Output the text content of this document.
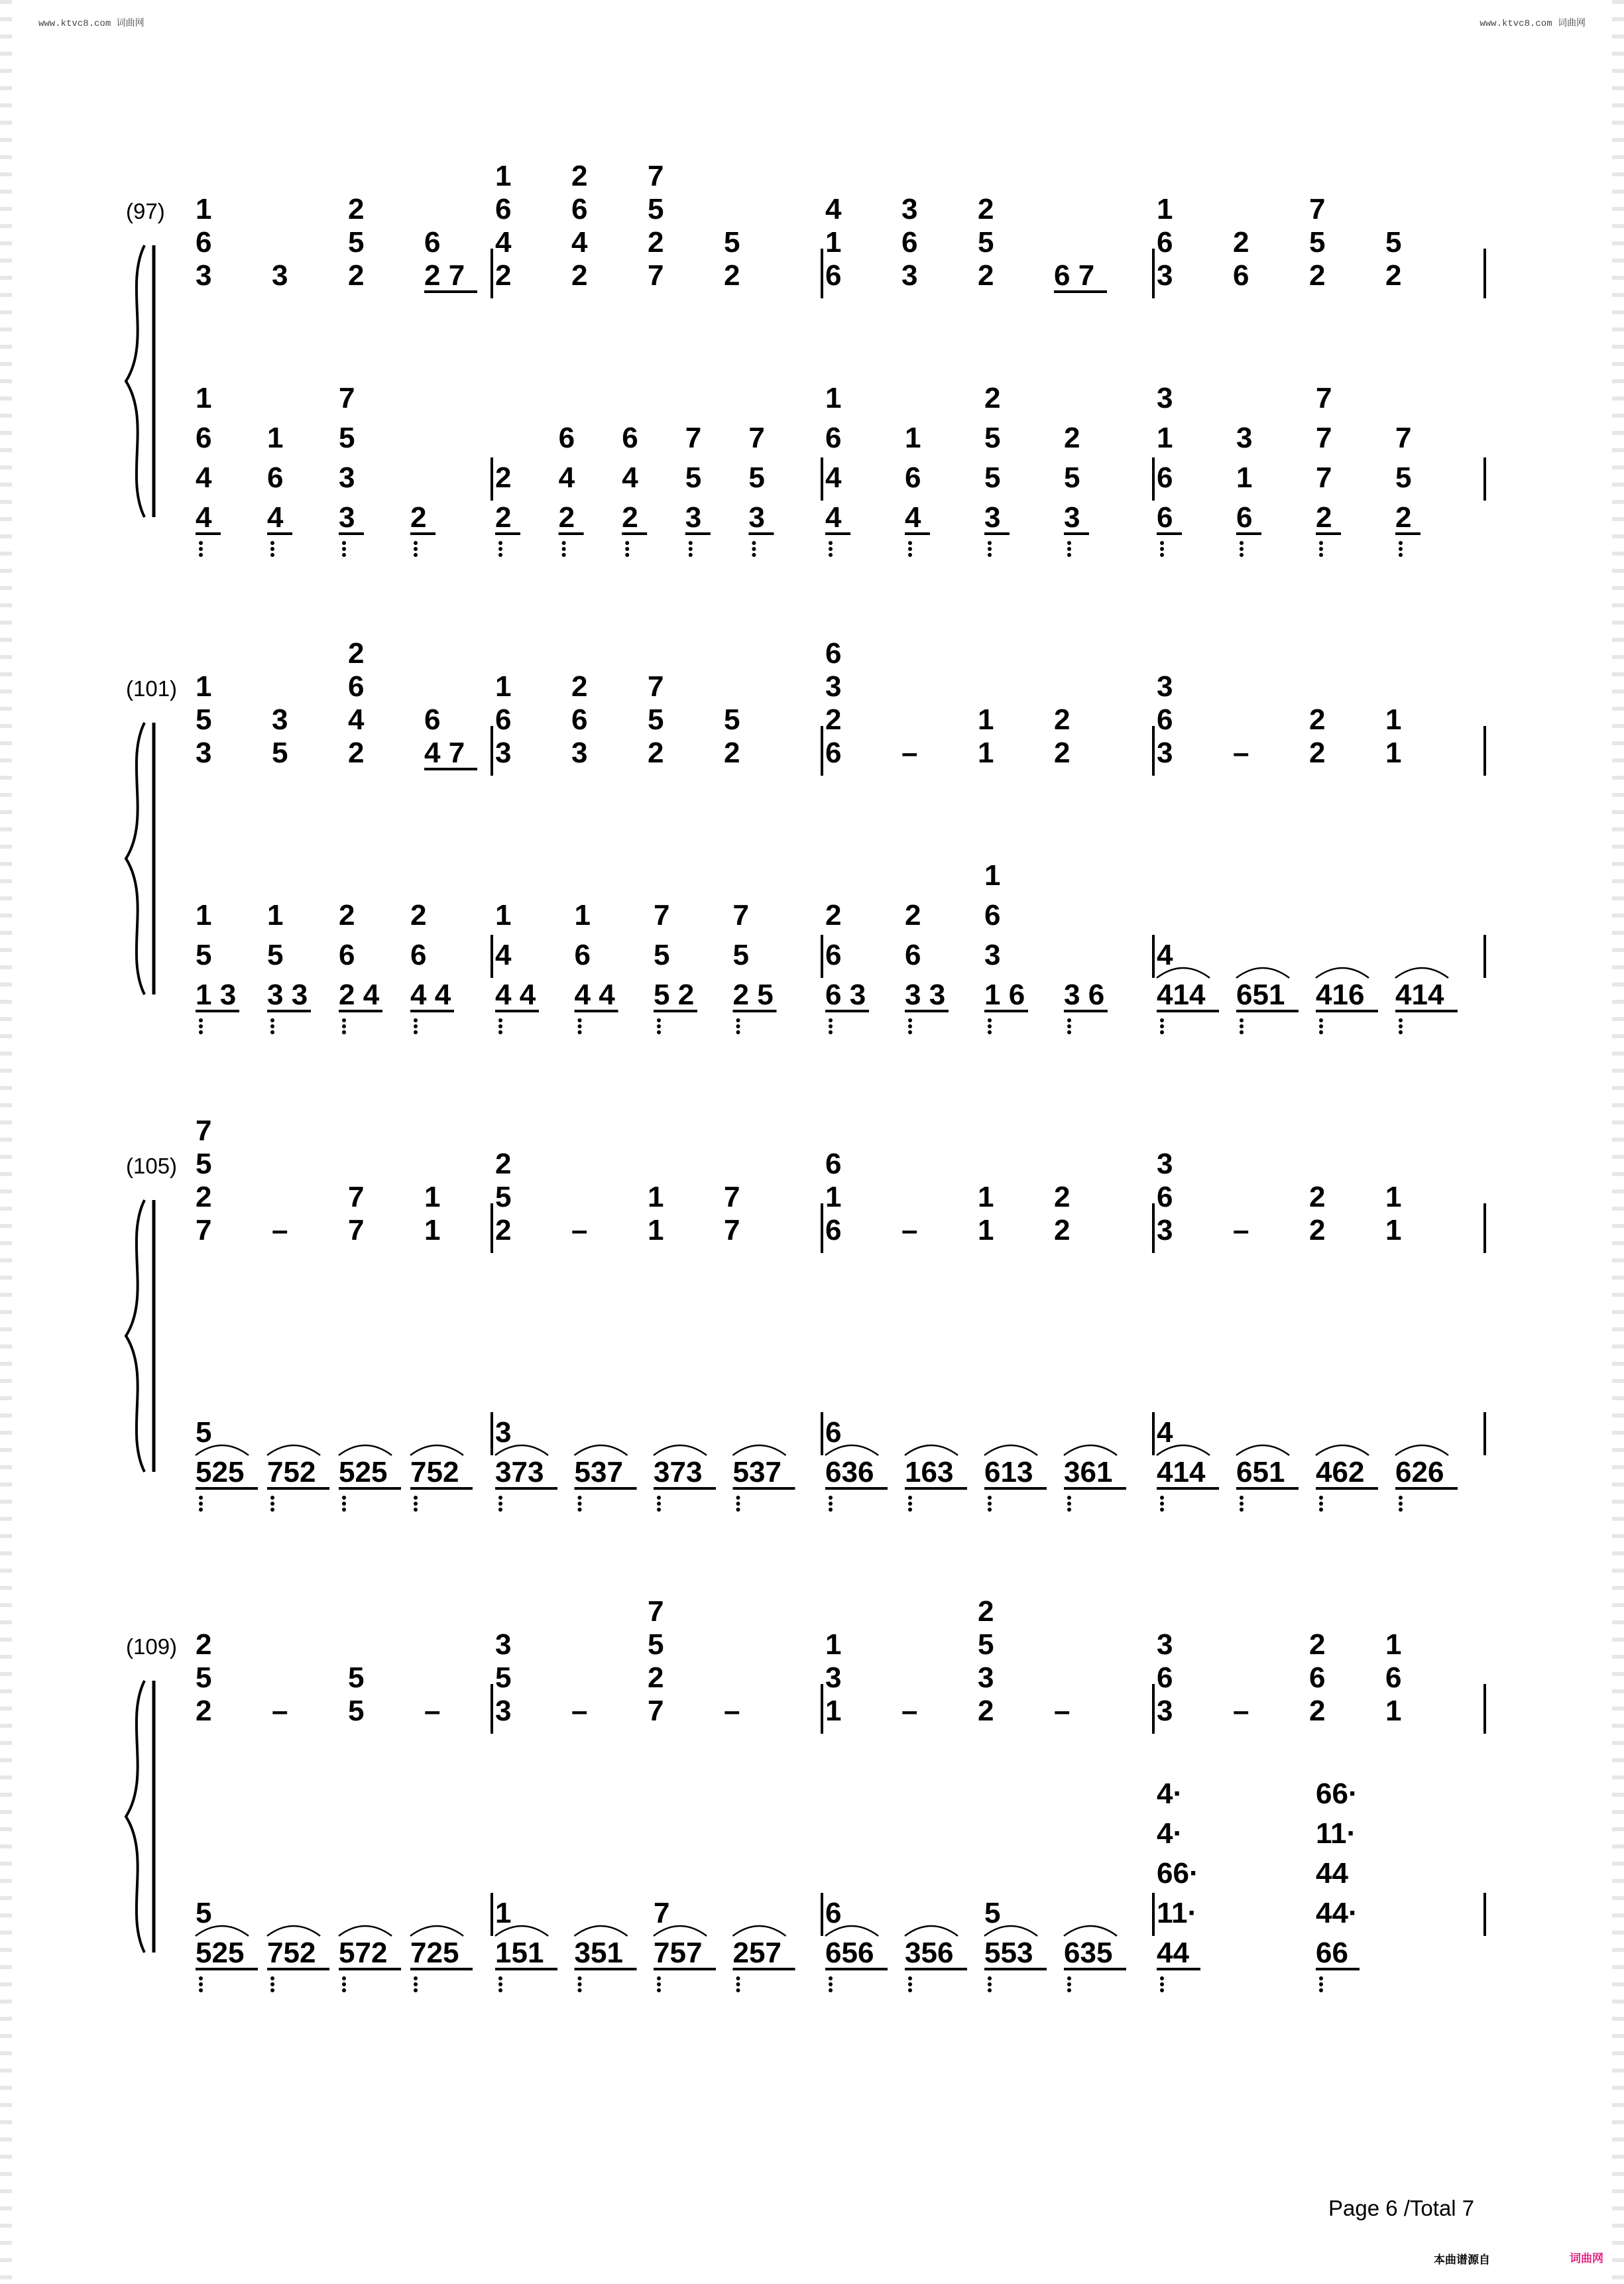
www.ktvc8.com 词曲网	www.ktvc8.com 词曲网
(97) 1
6
3 3
2
5
2
6
2 7
1
6
4
2
2
6
4
2
7
5
2
7
5
2
4
1
6
3
6
3
2
5
2 6 7
1
6
3
2
6
7
5
2
5
2
1
6
4
4
1
6
4
7
5
3
3 2
2
2
6
4
2
6
4
2
7
5
3
7
5
3
1
6
4
4
1
6
4
2
5
5
3
2
5
3
3
1
6
6
3
1
6
7
7
7
2
7
5
2
(101) 1
5
3
3
5
2
6
4
2
6
4 7
1
6
3
2
6
3
7
5
2
5
2
6
3
2
6 –
1
1
2
2
3
6
3 –
2
2
1
1
1
5
1 3
1
5
3 3
2
6
2 4
2
6
4 4
1
4
4 4
1
6
4 4
7
5
5 2
7
5
2 5
2
6
6 3
2
6
3 3
1
6
3
1 6 3 6
4
414 651 416 414
(105)
7
5
2
7 –
7
7
1
1
2
5
2 –
1
1
7
7
6
1
6 –
1
1
2
2
3
6
3 –
2
2
1
1
5
525 752 525 752
3
373 537 373 537
6
636 163 613 361
4
414 651 462 626
(109) 2
5
2 –
5
5 –
3
5
3 –
7
5
2
7 –
1
3
1 –
2
5
3
2 –
3
6
3 –
2
6
2
1
6
1
5
525 752 572 725
1
151 351
7
757 257
6
656 356
5
553 635
4·
4·
66·
11·
44
66·
11·
44
44·
66
Page 6 /Total 7
本曲谱源自	词曲网
